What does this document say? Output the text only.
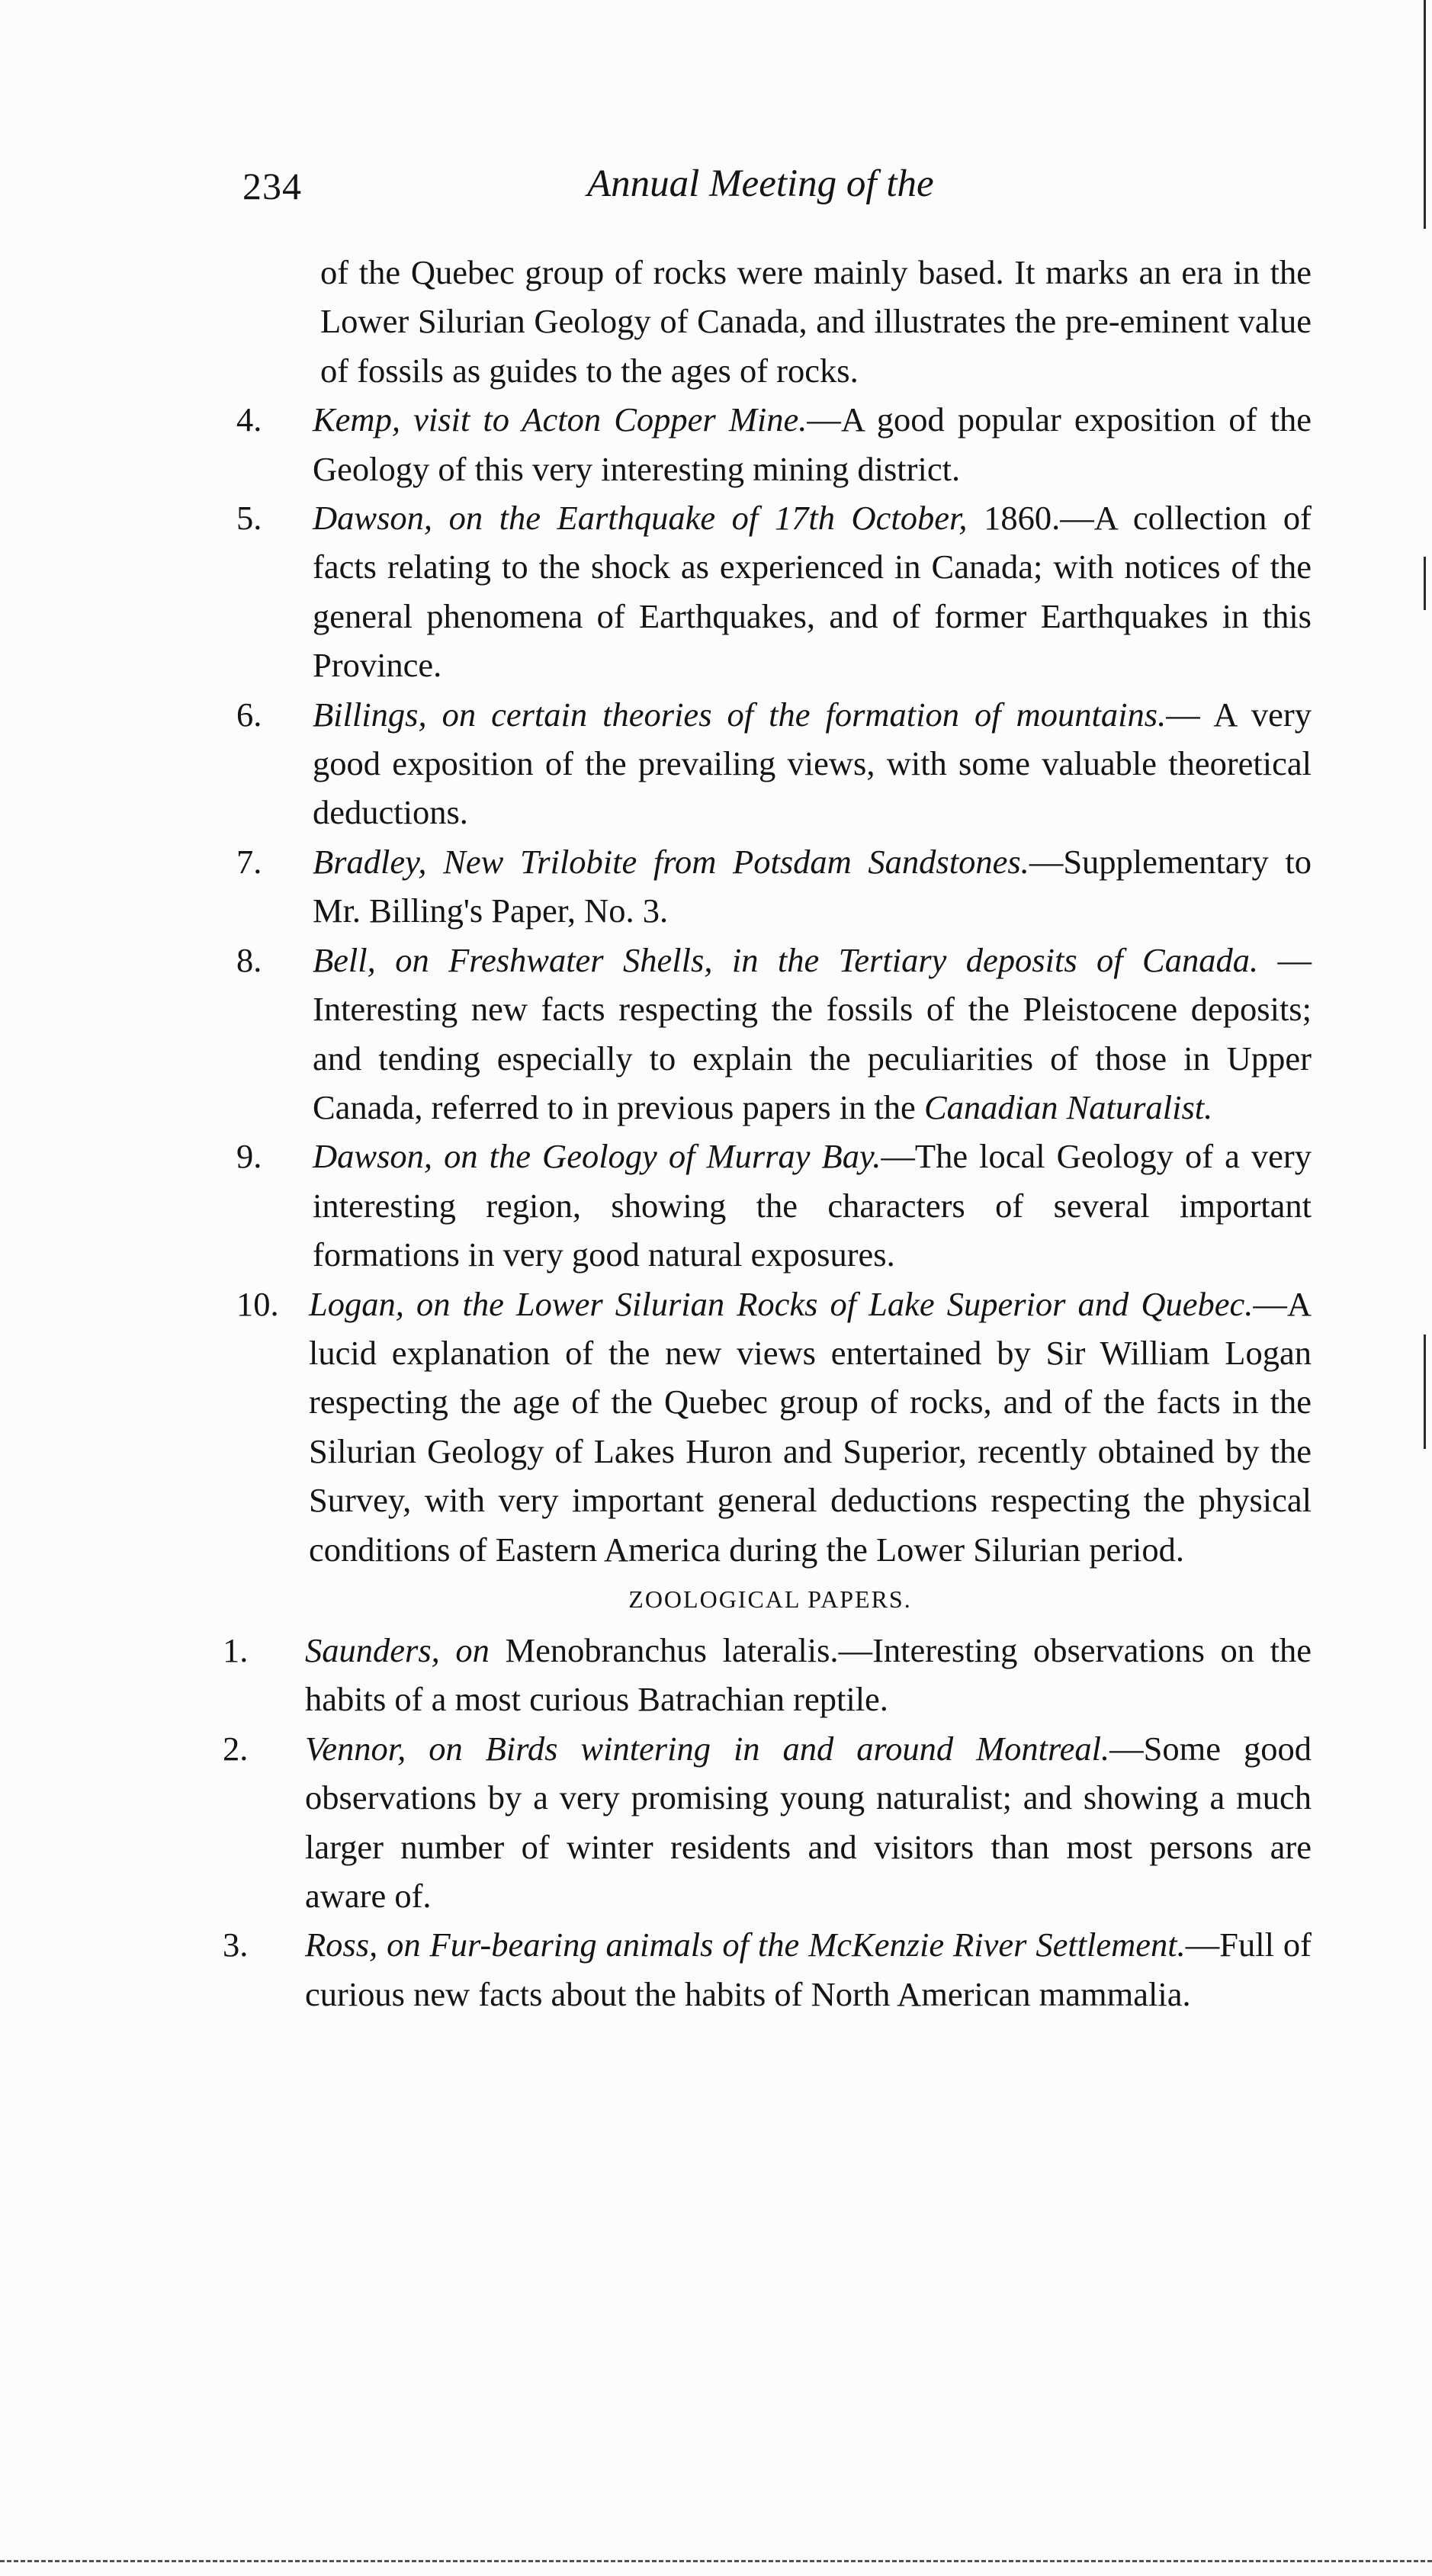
234	Annual Meeting of the
of the Quebec group of rocks were mainly based. It marks an era in the Lower Silurian Geology of Canada, and illustrates the pre-eminent value of fossils as guides to the ages of rocks.
4.	Kemp, visit to Acton Copper Mine.—A good popular exposition of the Geology of this very interesting mining district.
5.	Dawson, on the Earthquake of 17th October, 1860.—A collection of facts relating to the shock as experienced in Canada; with notices of the general phenomena of Earthquakes, and of former Earthquakes in this Province.
6.	Billings, on certain theories of the formation of mountains.— A very good exposition of the prevailing views, with some valuable theoretical deductions.
7.	Bradley, New Trilobite from Potsdam Sandstones.—Supplementary to Mr. Billing's Paper, No. 3.
8.	Bell, on Freshwater Shells, in the Tertiary deposits of Canada. —Interesting new facts respecting the fossils of the Pleistocene deposits; and tending especially to explain the peculiarities of those in Upper Canada, referred to in previous papers in the Canadian Naturalist.
9.	Dawson, on the Geology of Murray Bay.—The local Geology of a very interesting region, showing the characters of several important formations in very good natural exposures.
10. Logan, on the Lower Silurian Rocks of Lake Superior and Quebec.—A lucid explanation of the new views entertained by Sir William Logan respecting the age of the Quebec group of rocks, and of the facts in the Silurian Geology of Lakes Huron and Superior, recently obtained by the Survey, with very important general deductions respecting the physical conditions of Eastern America during the Lower Silurian period.
ZOOLOGICAL PAPERS.
1.	Saunders, on Menobranchus lateralis.—Interesting observations on the habits of a most curious Batrachian reptile.
2.	Vennor, on Birds wintering in and around Montreal.—Some good observations by a very promising young naturalist; and showing a much larger number of winter residents and visitors than most persons are aware of.
3.	Ross, on Fur-bearing animals of the McKenzie River Settlement.—Full of curious new facts about the habits of North American mammalia.
